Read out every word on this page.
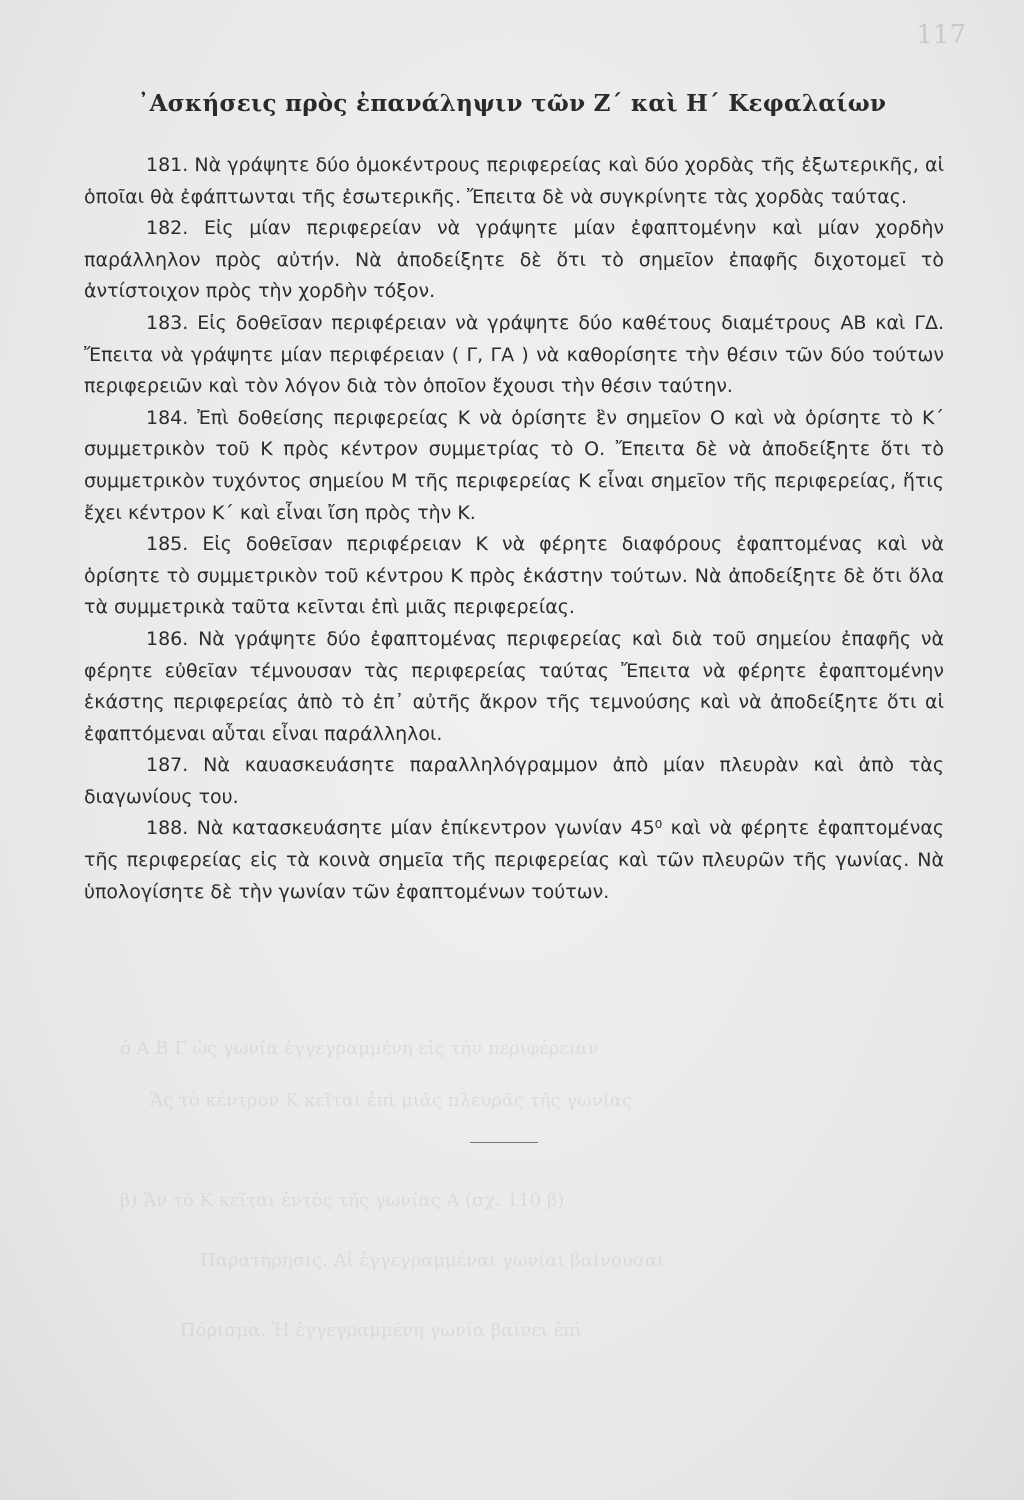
ὁ Α Β Γ ὡς γωνία ἐγγεγραμμένη εἰς τὴν περιφέρειαν
Ἄς τὸ κέντρον Κ κεῖται ἐπὶ μιᾶς πλευρᾶς τῆς γωνίας
β) Ἄν τὸ Κ κεῖται ἐντὸς τῆς γωνίας Α (σχ. 110 β)
Παρατήρησις. Αἱ ἐγγεγραμμέναι γωνίαι βαίνουσαι
Πόρισμα. Ἡ ἐγγεγραμμένη γωνία βαίνει ἐπὶ
117
᾿Ασκήσεις πρὸς ἐπανάληψιν τῶν Ζ΄ καὶ Η΄ Κεφαλαίων

181. Νὰ γράψητε δύο ὁμοκέντρους περιφερείας καὶ δύο χορδὰς τῆς ἐξωτερικῆς, αἱ ὁποῖαι θὰ ἐφάπτωνται τῆς ἐσωτερικῆς. Ἔπειτα δὲ νὰ συγκρίνητε τὰς χορδὰς ταύτας.

182. Εἰς μίαν περιφερείαν νὰ γράψητε μίαν ἐφαπτομένην καὶ μίαν χορδὴν παράλληλον πρὸς αὐτήν. Νὰ ἀποδείξητε δὲ ὅτι τὸ σημεῖον ἐπαφῆς διχοτομεῖ τὸ ἀντίστοιχον πρὸς τὴν χορδὴν τόξον.

183. Εἰς δοθεῖσαν περιφέρειαν νὰ γράψητε δύο καθέτους διαμέτρους ΑΒ καὶ ΓΔ. Ἔπειτα νὰ γράψητε μίαν περιφέρειαν ( Γ, ΓΑ ) νὰ καθορίσητε τὴν θέσιν τῶν δύο τούτων περιφερειῶν καὶ τὸν λόγον διὰ τὸν ὁποῖον ἔχουσι τὴν θέσιν ταύτην.

184. Ἐπὶ δοθείσης περιφερείας Κ νὰ ὁρίσητε ἓν σημεῖον Ο καὶ νὰ ὁρίσητε τὸ Κ΄ συμμετρικὸν τοῦ Κ πρὸς κέντρον συμμετρίας τὸ Ο. Ἔπειτα δὲ νὰ ἀποδείξητε ὅτι τὸ συμμετρικὸν τυχόντος σημείου Μ τῆς περιφερείας Κ εἶναι σημεῖον τῆς περιφερείας, ἥτις ἔχει κέντρον Κ΄ καὶ εἶναι ἴση πρὸς τὴν Κ.

185. Εἰς δοθεῖσαν περιφέρειαν Κ νὰ φέρητε διαφόρους ἐφαπτομένας καὶ νὰ ὁρίσητε τὸ συμμετρικὸν τοῦ κέντρου Κ πρὸς ἑκάστην τούτων. Νὰ ἀποδείξητε δὲ ὅτι ὅλα τὰ συμμετρικὰ ταῦτα κεῖνται ἐπὶ μιᾶς περιφερείας.

186. Νὰ γράψητε δύο ἐφαπτομένας περιφερείας καὶ διὰ τοῦ σημείου ἐπαφῆς νὰ φέρητε εὐθεῖαν τέμνουσαν τὰς περιφερείας ταύτας Ἔπειτα νὰ φέρητε ἐφαπτομένην ἑκάστης περιφερείας ἀπὸ τὸ ἐπ᾿ αὐτῆς ἄκρον τῆς τεμνούσης καὶ νὰ ἀποδείξητε ὅτι αἱ ἐφαπτόμεναι αὗται εἶναι παράλληλοι.

187. Νὰ καυασκευάσητε παραλληλόγραμμον ἀπὸ μίαν πλευρὰν καὶ ἀπὸ τὰς διαγωνίους του.

188. Νὰ κατασκευάσητε μίαν ἐπίκεντρον γωνίαν 45⁰ καὶ νὰ φέρητε ἐφαπτομένας τῆς περιφερείας εἰς τὰ κοινὰ σημεῖα τῆς περιφερείας καὶ τῶν πλευρῶν τῆς γωνίας. Νὰ ὑπολογίσητε δὲ τὴν γωνίαν τῶν ἐφαπτομένων τούτων.
